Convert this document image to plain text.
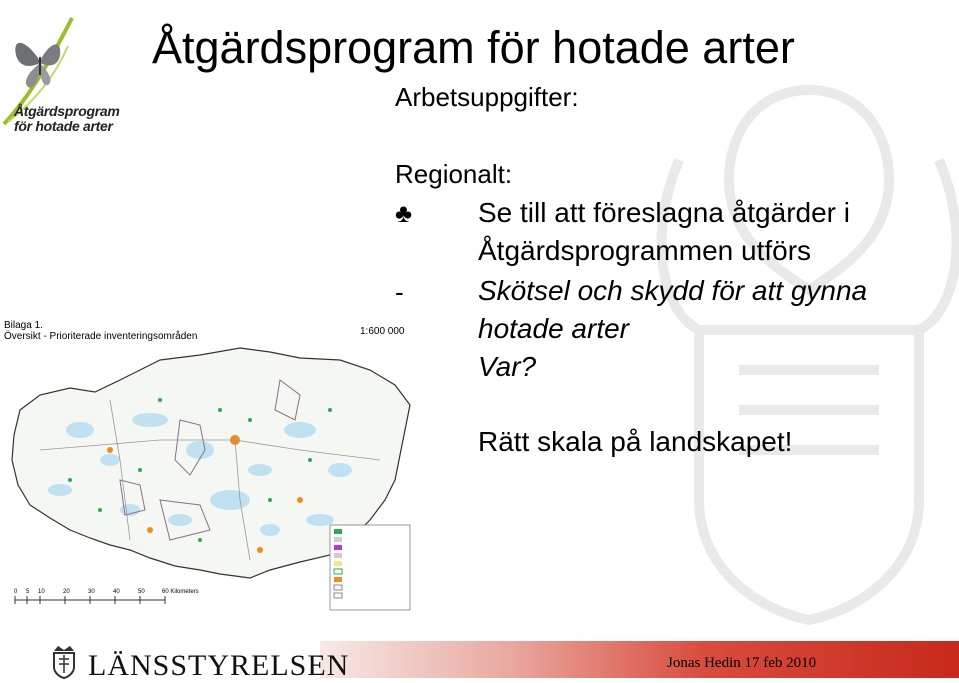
Åtgärdsprogram
för hotade arter
Åtgärdsprogram för hotade arter
Arbetsuppgifter:
Regionalt:
♣ Se till att föreslagna åtgärder i
Åtgärdsprogrammen utförs
-	Skötsel och skydd för att gynna
hotade arter
Var?
Rätt skala på landskapet!
Bilaga 1.
Översikt - Prioriterade inventeringsområden	1:600 000
0 5 10	20	30	40	50	60 Kilometers
LÄNSSTYRELSEN	Jonas Hedin 17 feb 2010
